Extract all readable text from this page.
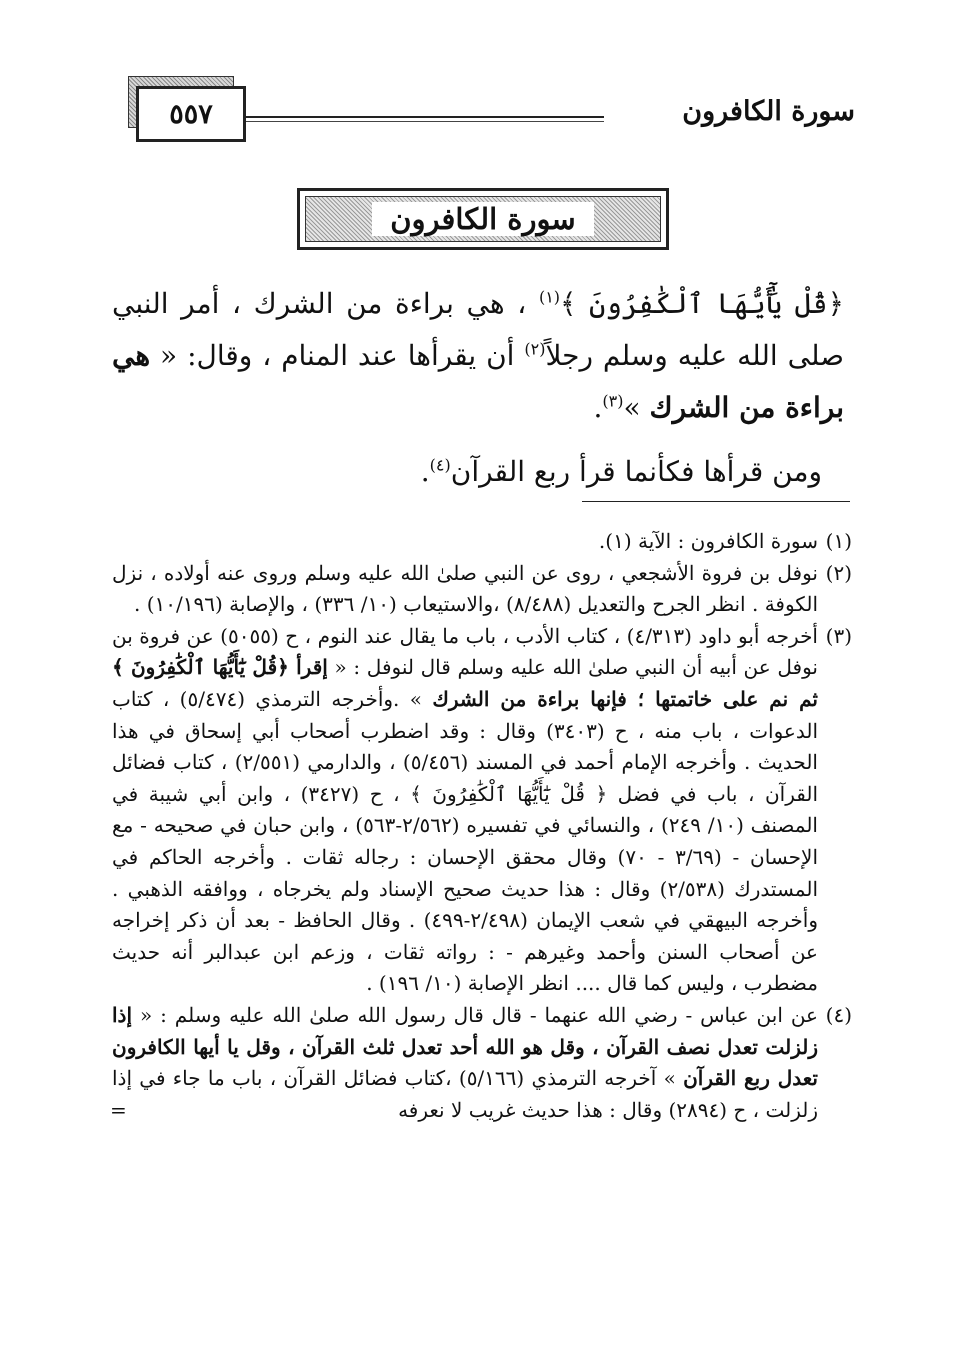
سورة الكافرون
٥٥٧
سورة الكافرون

﴿قُلْ يَٰٓأَيُّهَا ٱلْكَٰفِرُونَ ﴾$^{(١)}$ ، هي براءة من الشرك ، أمر النبي صلى الله عليه وسلم رجلاً$^{(٢)}$ أن يقرأها عند المنام ، وقال: « هي براءة من الشرك »$^{(٣)}$.

ومن قرأها فكأنما قرأ ربع القرآن$^{(٤)}$.

(١)
سورة الكافرون : الآية (١).

(٢)
نوفل بن فروة الأشجعي ، روى عن النبي صلىٰ الله عليه وسلم وروى عنه أولاده ، نزل الكوفة . انظر الجرح والتعديل (٨/٤٨٨) ،والاستيعاب (١٠/ ٣٣٦) ، والإصابة (١٠/١٩٦) .

(٣)
أخرجه أبو داود (٤/٣١٣) ، كتاب الأدب ، باب ما يقال عند النوم ، ح (٥٠٥٥) عن فروة بن نوفل عن أبيه أن النبي صلىٰ الله عليه وسلم قال لنوفل : « إقرأ ﴿قُلْ يَٰٓأَيُّهَا ٱلْكَٰفِرُونَ ﴾ ثم نم على خاتمتها ؛ فإنها براءة من الشرك » .وأخرجه الترمذي (٥/٤٧٤) ، كتاب الدعوات ، باب منه ، ح (٣٤٠٣) وقال : وقد اضطرب أصحاب أبي إسحاق في هذا الحديث . وأخرجه الإمام أحمد في المسند (٥/٤٥٦) ، والدارمي (٢/٥٥١) ، كتاب فضائل القرآن ، باب في فضل ﴿ قُلْ يَٰٓأَيُّهَا ٱلْكَٰفِرُونَ ﴾ ، ح (٣٤٢٧) ، وابن أبي شيبة في المصنف (١٠/ ٢٤٩) ، والنسائي في تفسيره (٢/٥٦٢-٥٦٣) ، وابن حبان في صحيحه - مع الإحسان - (٣/٦٩ - ٧٠) وقال محقق الإحسان : رجاله ثقات . وأخرجه الحاكم في المستدرك (٢/٥٣٨) وقال : هذا حديث صحيح الإسناد ولم يخرجاه ، ووافقه الذهبي . وأخرجه البيهقي في شعب الإيمان (٢/٤٩٨-٤٩٩) . وقال الحافظ - بعد أن ذكر إخراجه عن أصحاب السنن وأحمد وغيرهم - : رواته ثقات ، وزعم ابن عبدالبر أنه حديث مضطرب ، وليس كما قال .... انظر الإصابة (١٠/ ١٩٦) .

(٤)
عن ابن عباس - رضي الله عنهما - قال قال رسول الله صلىٰ الله عليه وسلم : « إذا زلزلت تعدل نصف القرآن ، وقل هو الله أحد تعدل ثلث القرآن ، وقل يا أيها الكافرون تعدل ربع القرآن » آخرجه الترمذي (٥/١٦٦) ،كتاب فضائل القرآن ، باب ما جاء في إذا زلزلت ، ح (٢٨٩٤) وقال : هذا حديث غريب لا نعرفه
=
